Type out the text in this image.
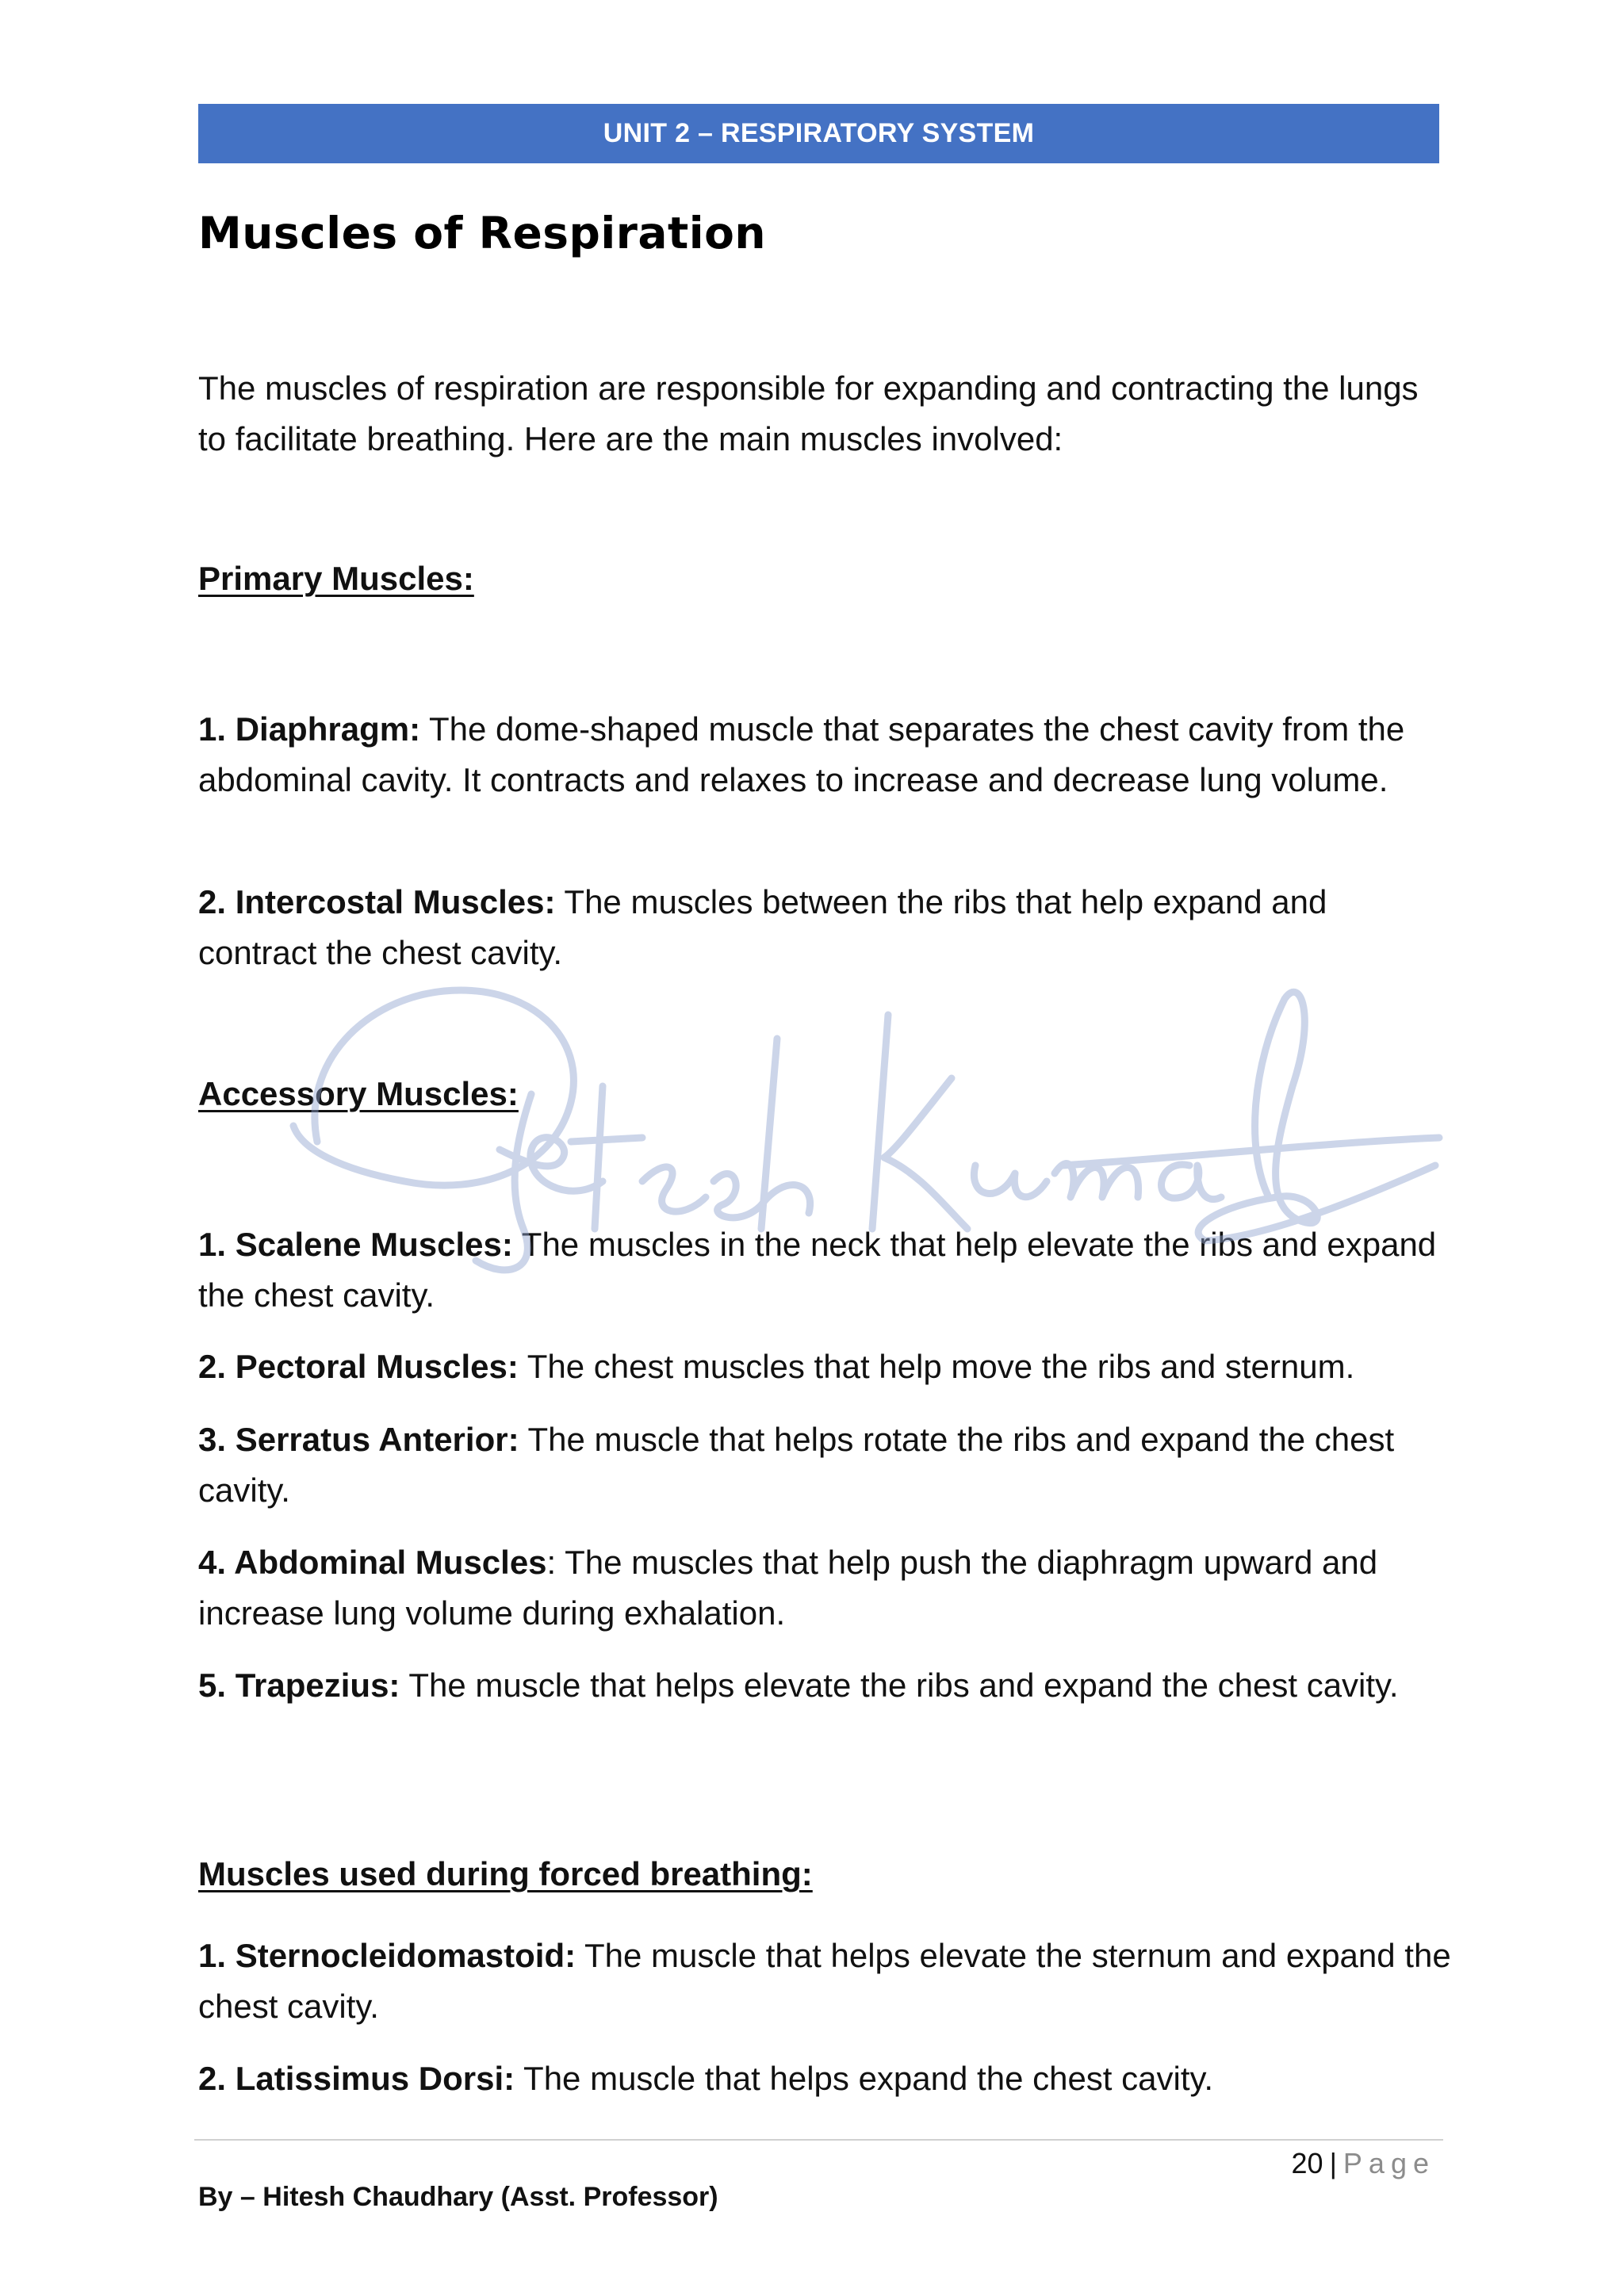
UNIT 2 – RESPIRATORY SYSTEM
Muscles of Respiration

The muscles of respiration are responsible for expanding and contracting the lungs to facilitate breathing. Here are the main muscles involved:

Primary Muscles:
1. Diaphragm: The dome-shaped muscle that separates the chest cavity from the abdominal cavity. It contracts and relaxes to increase and decrease lung volume.
2. Intercostal Muscles: The muscles between the ribs that help expand and contract the chest cavity.
Accessory Muscles:
1. Scalene Muscles: The muscles in the neck that help elevate the ribs and expand the chest cavity.
2. Pectoral Muscles: The chest muscles that help move the ribs and sternum.
3. Serratus Anterior: The muscle that helps rotate the ribs and expand the chest cavity.
4. Abdominal Muscles: The muscles that help push the diaphragm upward and increase lung volume during exhalation.
5. Trapezius: The muscle that helps elevate the ribs and expand the chest cavity.
Muscles used during forced breathing:
1. Sternocleidomastoid: The muscle that helps elevate the sternum and expand the chest cavity.
2. Latissimus Dorsi: The muscle that helps expand the chest cavity.
20 | Page
By – Hitesh Chaudhary (Asst. Professor)
